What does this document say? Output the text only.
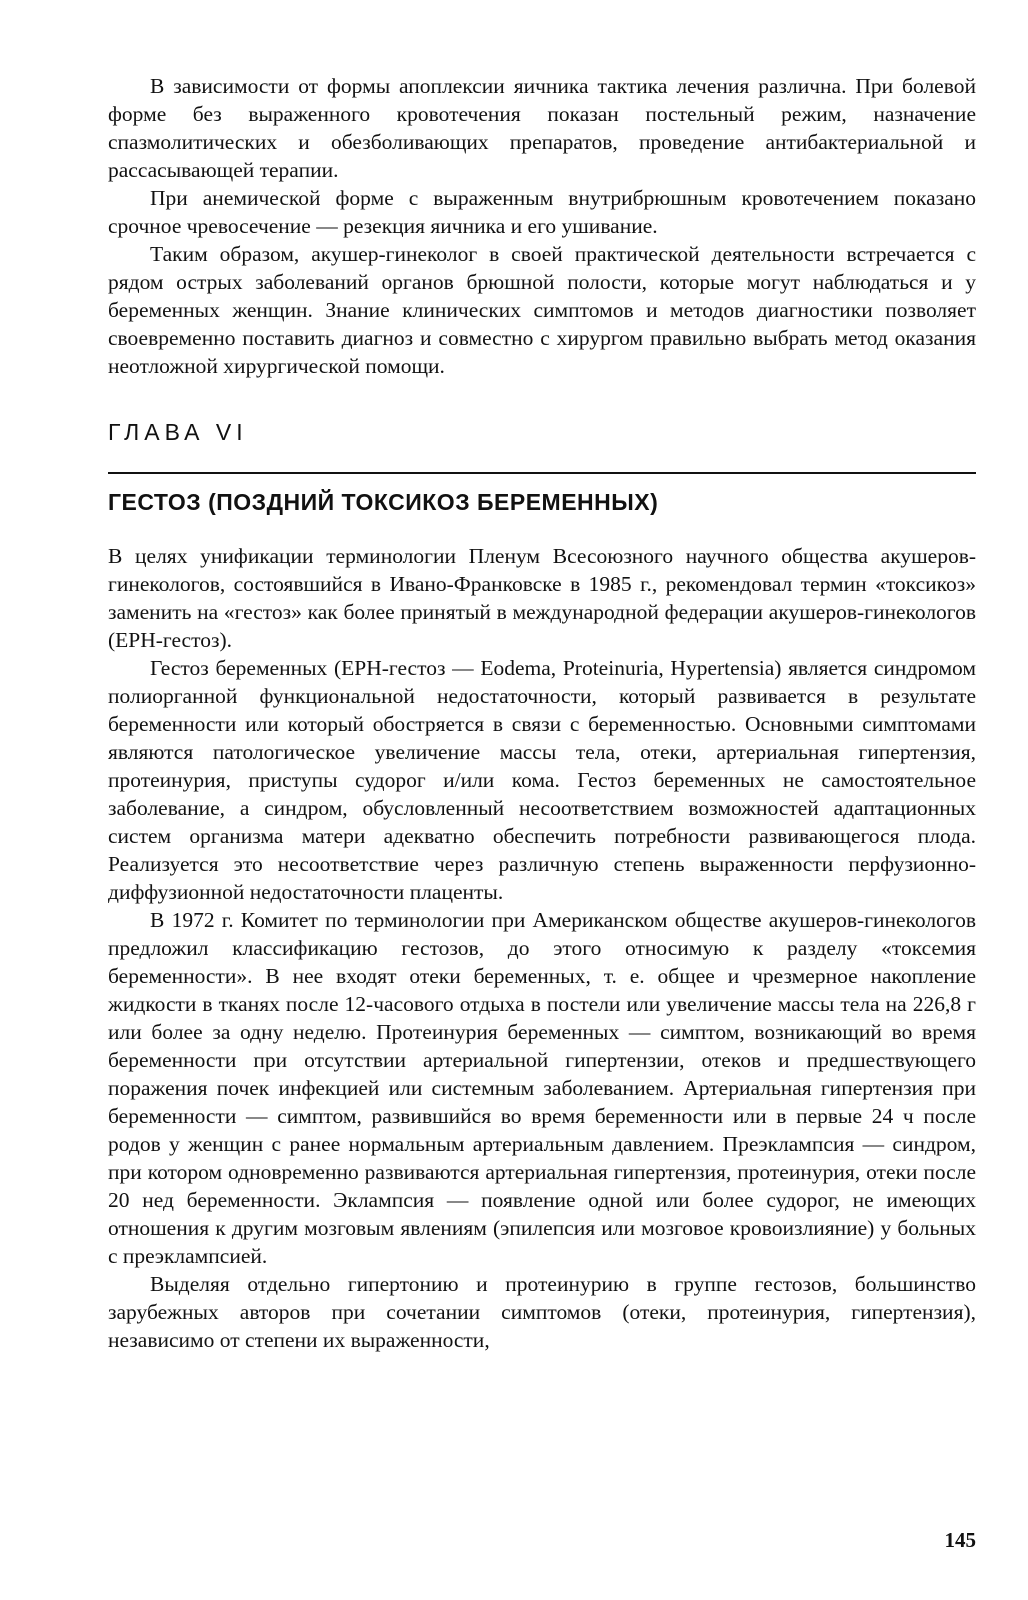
В зависимости от формы апоплексии яичника тактика лечения различна. При болевой форме без выраженного кровотечения показан постельный режим, назначение спазмолитических и обезболивающих препаратов, проведение антибактериальной и рассасывающей терапии.

При анемической форме с выраженным внутрибрюшным кровотечением показано срочное чревосечение — резекция яичника и его ушивание.

Таким образом, акушер-гинеколог в своей практической деятельности встречается с рядом острых заболеваний органов брюшной полости, которые могут наблюдаться и у беременных женщин. Знание клинических симптомов и методов диагностики позволяет своевременно поставить диагноз и совместно с хирургом правильно выбрать метод оказания неотложной хирургической помощи.

ГЛАВА VI
ГЕСТОЗ (ПОЗДНИЙ ТОКСИКОЗ БЕРЕМЕННЫХ)

В целях унификации терминологии Пленум Всесоюзного научного общества акушеров-гинекологов, состоявшийся в Ивано-Франковске в 1985 г., рекомендовал термин «токсикоз» заменить на «гестоз» как более принятый в международной федерации акушеров-гинекологов (ЕРН-гестоз).

Гестоз беременных (ЕРН-гестоз — Eodema, Proteinuria, Hypertensia) является синдромом полиорганной функциональной недостаточности, который развивается в результате беременности или который обостряется в связи с беременностью. Основными симптомами являются патологическое увеличение массы тела, отеки, артериальная гипертензия, протеинурия, приступы судорог и/или кома. Гестоз беременных не самостоятельное заболевание, а синдром, обусловленный несоответствием возможностей адаптационных систем организма матери адекватно обеспечить потребности развивающегося плода. Реализуется это несоответствие через различную степень выраженности перфузионно-диффузионной недостаточности плаценты.

В 1972 г. Комитет по терминологии при Американском обществе акушеров-гинекологов предложил классификацию гестозов, до этого относимую к разделу «токсемия беременности». В нее входят отеки беременных, т. е. общее и чрезмерное накопление жидкости в тканях после 12-часового отдыха в постели или увеличение массы тела на 226,8 г или более за одну неделю. Протеинурия беременных — симптом, возникающий во время беременности при отсутствии артериальной гипертензии, отеков и предшествующего поражения почек инфекцией или системным заболеванием. Артериальная гипертензия при беременности — симптом, развившийся во время беременности или в первые 24 ч после родов у женщин с ранее нормальным артериальным давлением. Преэклампсия — синдром, при котором одновременно развиваются артериальная гипертензия, протеинурия, отеки после 20 нед беременности. Эклампсия — появление одной или более судорог, не имеющих отношения к другим мозговым явлениям (эпилепсия или мозговое кровоизлияние) у больных с преэклампсией.

Выделяя отдельно гипертонию и протеинурию в группе гестозов, большинство зарубежных авторов при сочетании симптомов (отеки, протеинурия, гипертензия), независимо от степени их выраженности,

145
